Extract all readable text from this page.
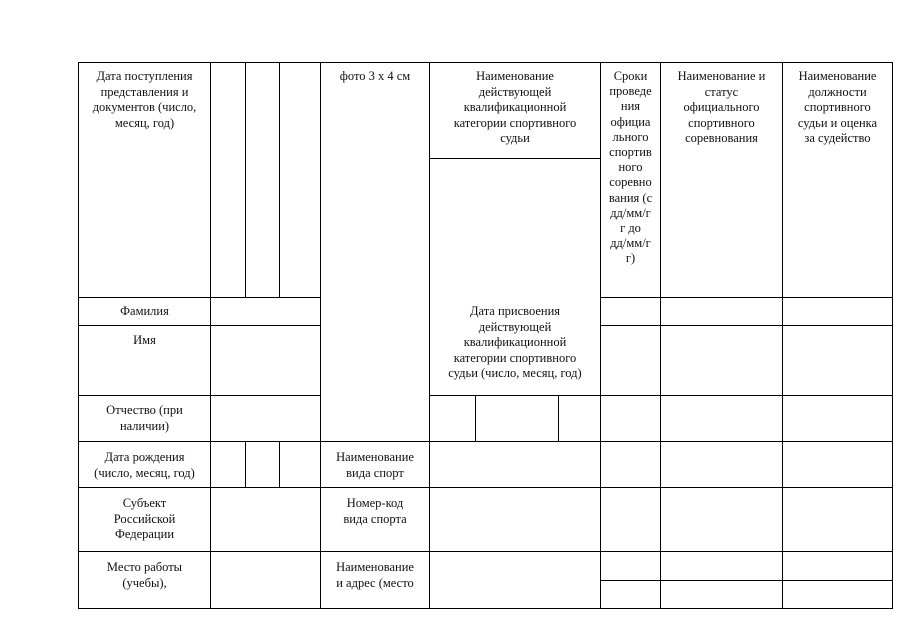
Дата поступления
представления и
документов (число,
месяц, год)
фото 3 х 4 см	Наименование
действующей
квалификационной
категории спортивного
судьи
Сроки
проведе
ния
официа
льного
спортив
ного
соревно
вания (с
дд/мм/г
г до
дд/мм/г
г)
Наименование и
статус
официального
спортивного
соревнования
Наименование
должности
спортивного
судьи и оценка
за судейство
Фамилия
Имя
Дата присвоения
действующей
квалификационной
категории спортивного
судьи (число, месяц, год)
Отчество (при
наличии)
Дата рождения
(число, месяц, год)
Наименование
вида спорт
Субъект
Российской
Федерации
Номер-код
вида спорта
Место работы
(учебы),
Наименование
и адрес (место
